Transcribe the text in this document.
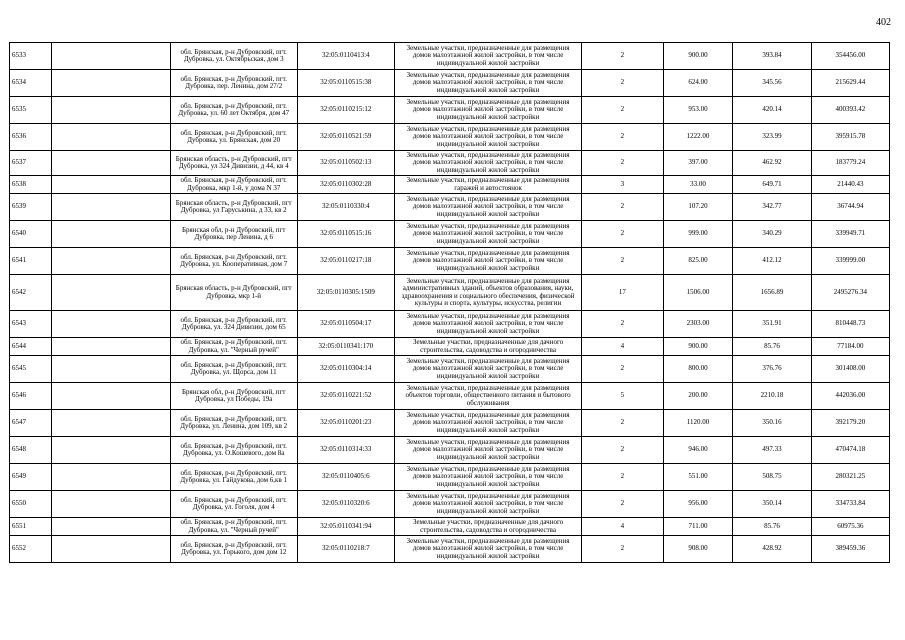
402
6533		обл. Брянская, р-н Дубровский, пгт. Дубровка, ул. Октябрьская, дом 3	32:05:0110413:4	Земельные участки, предназначенные для размещения домов малоэтажной жилой застройки, в том числе индивидуальной жилой застройки	2	900.00	393.84	354456.00
6534		обл. Брянская, р-н Дубровский, пгт. Дубровка, пер. Ленина, дом 27/2	32:05:0110515:38	Земельные участки, предназначенные для размещения домов малоэтажной жилой застройки, в том числе индивидуальной жилой застройки	2	624.00	345.56	215629.44
6535		обл. Брянская, р-н Дубровский, пгт. Дубровка, ул. 60 лет Октября, дом 47	32:05:0110215:12	Земельные участки, предназначенные для размещения домов малоэтажной жилой застройки, в том числе индивидуальной жилой застройки	2	953.00	420.14	400393.42
6536		обл. Брянская, р-н Дубровский, пгт. Дубровка, ул. Брянская, дом 20	32:05:0110521:59	Земельные участки, предназначенные для размещения домов малоэтажной жилой застройки, в том числе индивидуальной жилой застройки	2	1222.00	323.99	395915.78
6537		Брянская область, р-н Дубровский, пгт Дубровка, ул 324 Дивизии, д 44, кв 4	32:05:0110502:13	Земельные участки, предназначенные для размещения домов малоэтажной жилой застройки, в том числе индивидуальной жилой застройки	2	397.00	462.92	183779.24
6538		обл. Брянская, р-н Дубровский, пгт. Дубровка, мкр 1-й, у дома N 37	32:05:0110302:28	Земельные участки, предназначенные для размещения гаражей и автостоянок	3	33.00	649.71	21440.43
6539		Брянская область, р-н Дубровский, пгт Дубровка, ул Гаруськина, д 33, кв 2	32:05:0110330:4	Земельные участки, предназначенные для размещения домов малоэтажной жилой застройки, в том числе индивидуальной жилой застройки	2	107.20	342.77	36744.94
6540		Брянская обл, р-н Дубровский, пгт Дубровка, пер Ленина, д 6	32:05:0110515:16	Земельные участки, предназначенные для размещения домов малоэтажной жилой застройки, в том числе индивидуальной жилой застройки	2	999.00	340.29	339949.71
6541		обл. Брянская, р-н Дубровский, пгт. Дубровка, ул. Кооперативная, дом 7	32:05:0110217:18	Земельные участки, предназначенные для размещения домов малоэтажной жилой застройки, в том числе индивидуальной жилой застройки	2	825.00	412.12	339999.00
6542		Брянская область, р-н Дубровский, пгт Дубровка, мкр 1-й	32:05:0110305:1509	Земельные участки, предназначенные для размещения административных зданий, объектов образования, науки, здравоохранения и социального обеспечения, физической культуры и спорта, культуры, искусства, религии	17	1506.00	1656.89	2495276.34
6543		обл. Брянская, р-н Дубровский, пгт. Дубровка, ул. 324 Дивизии, дом 65	32:05:0110504:17	Земельные участки, предназначенные для размещения домов малоэтажной жилой застройки, в том числе индивидуальной жилой застройки	2	2303.00	351.91	810448.73
6544		обл. Брянская, р-н Дубровский, пгт. Дубровка, ул. "Черный ручей"	32:05:0110341:170	Земельные участки, предназначенные для дачного строительства, садоводства и огородничества	4	900.00	85.76	77184.00
6545		обл. Брянская, р-н Дубровский, пгт. Дубровка, ул. Щорса, дом 11	32:05:0110304:14	Земельные участки, предназначенные для размещения домов малоэтажной жилой застройки, в том числе индивидуальной жилой застройки	2	800.00	376.76	301408.00
6546		Брянская обл, р-н Дубровский, пгт Дубровка, ул Победы, 19а	32:05:0110221:52	Земельные участки, предназначенные для размещения объектов торговли, общественного питания и бытового обслуживания	5	200.00	2210.18	442036.00
6547		обл. Брянская, р-н Дубровский, пгт. Дубровка, ул. Ленина, дом 109, кв 2	32:05:0110201:23	Земельные участки, предназначенные для размещения домов малоэтажной жилой застройки, в том числе индивидуальной жилой застройки	2	1120.00	350.16	392179.20
6548		обл. Брянская, р-н Дубровский, пгт. Дубровка, ул. О.Кошевого, дом 8а	32:05:0110314:33	Земельные участки, предназначенные для размещения домов малоэтажной жилой застройки, в том числе индивидуальной жилой застройки	2	946.00	497.33	470474.18
6549		обл. Брянская, р-н Дубровский, пгт. Дубровка, ул. Гайдукова, дом 6,кв 1	32:05:0110405:6	Земельные участки, предназначенные для размещения домов малоэтажной жилой застройки, в том числе индивидуальной жилой застройки	2	551.00	508.75	280321.25
6550		обл. Брянская, р-н Дубровский, пгт. Дубровка, ул. Гоголя, дом 4	32:05:0110320:6	Земельные участки, предназначенные для размещения домов малоэтажной жилой застройки, в том числе индивидуальной жилой застройки	2	956.00	350.14	334733.84
6551		обл. Брянская, р-н Дубровский, пгт. Дубровка, ул. "Черный ручей"	32:05:0110341:94	Земельные участки, предназначенные для дачного строительства, садоводства и огородничества	4	711.00	85.76	60975.36
6552		обл. Брянская, р-н Дубровский, пгт. Дубровка, ул. Горького, дом дом 12	32:05:0110218:7	Земельные участки, предназначенные для размещения домов малоэтажной жилой застройки, в том числе индивидуальной жилой застройки	2	908.00	428.92	389459.36
